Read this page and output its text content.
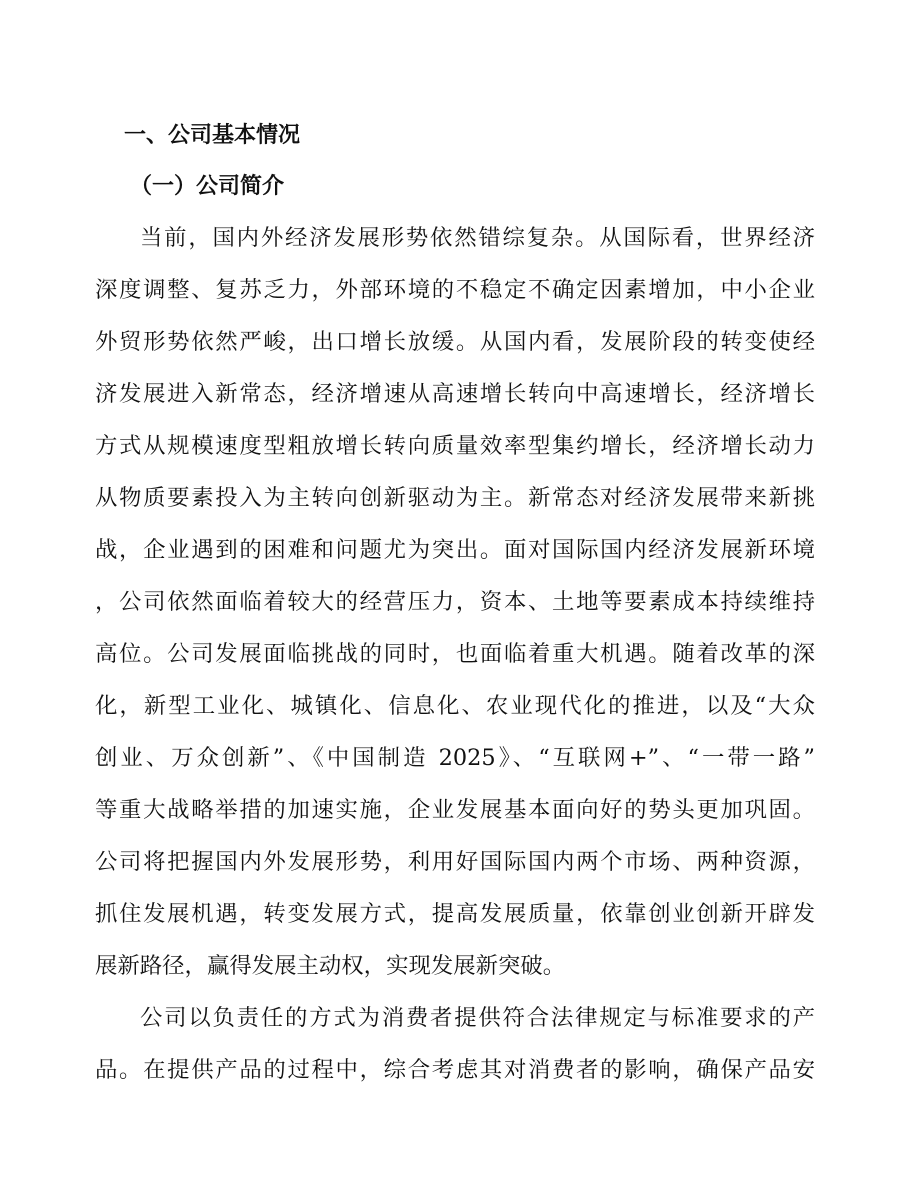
一、公司基本情况
（一）公司简介
当前，国内外经济发展形势依然错综复杂。从国际看，世界经济
深度调整、复苏乏力，外部环境的不稳定不确定因素增加，中小企业
外贸形势依然严峻，出口增长放缓。从国内看，发展阶段的转变使经
济发展进入新常态，经济增速从高速增长转向中高速增长，经济增长
方式从规模速度型粗放增长转向质量效率型集约增长，经济增长动力
从物质要素投入为主转向创新驱动为主。新常态对经济发展带来新挑
战，企业遇到的困难和问题尤为突出。面对国际国内经济发展新环境
，公司依然面临着较大的经营压力，资本、土地等要素成本持续维持
高位。公司发展面临挑战的同时，也面临着重大机遇。随着改革的深
化，新型工业化、城镇化、信息化、农业现代化的推进，以及“大众
创业、万众创新”、《中国制造 2025》、“互联网+”、“一带一路”
等重大战略举措的加速实施，企业发展基本面向好的势头更加巩固。
公司将把握国内外发展形势，利用好国际国内两个市场、两种资源，
抓住发展机遇，转变发展方式，提高发展质量，依靠创业创新开辟发
展新路径，赢得发展主动权，实现发展新突破。
公司以负责任的方式为消费者提供符合法律规定与标准要求的产
品。在提供产品的过程中，综合考虑其对消费者的影响，确保产品安
